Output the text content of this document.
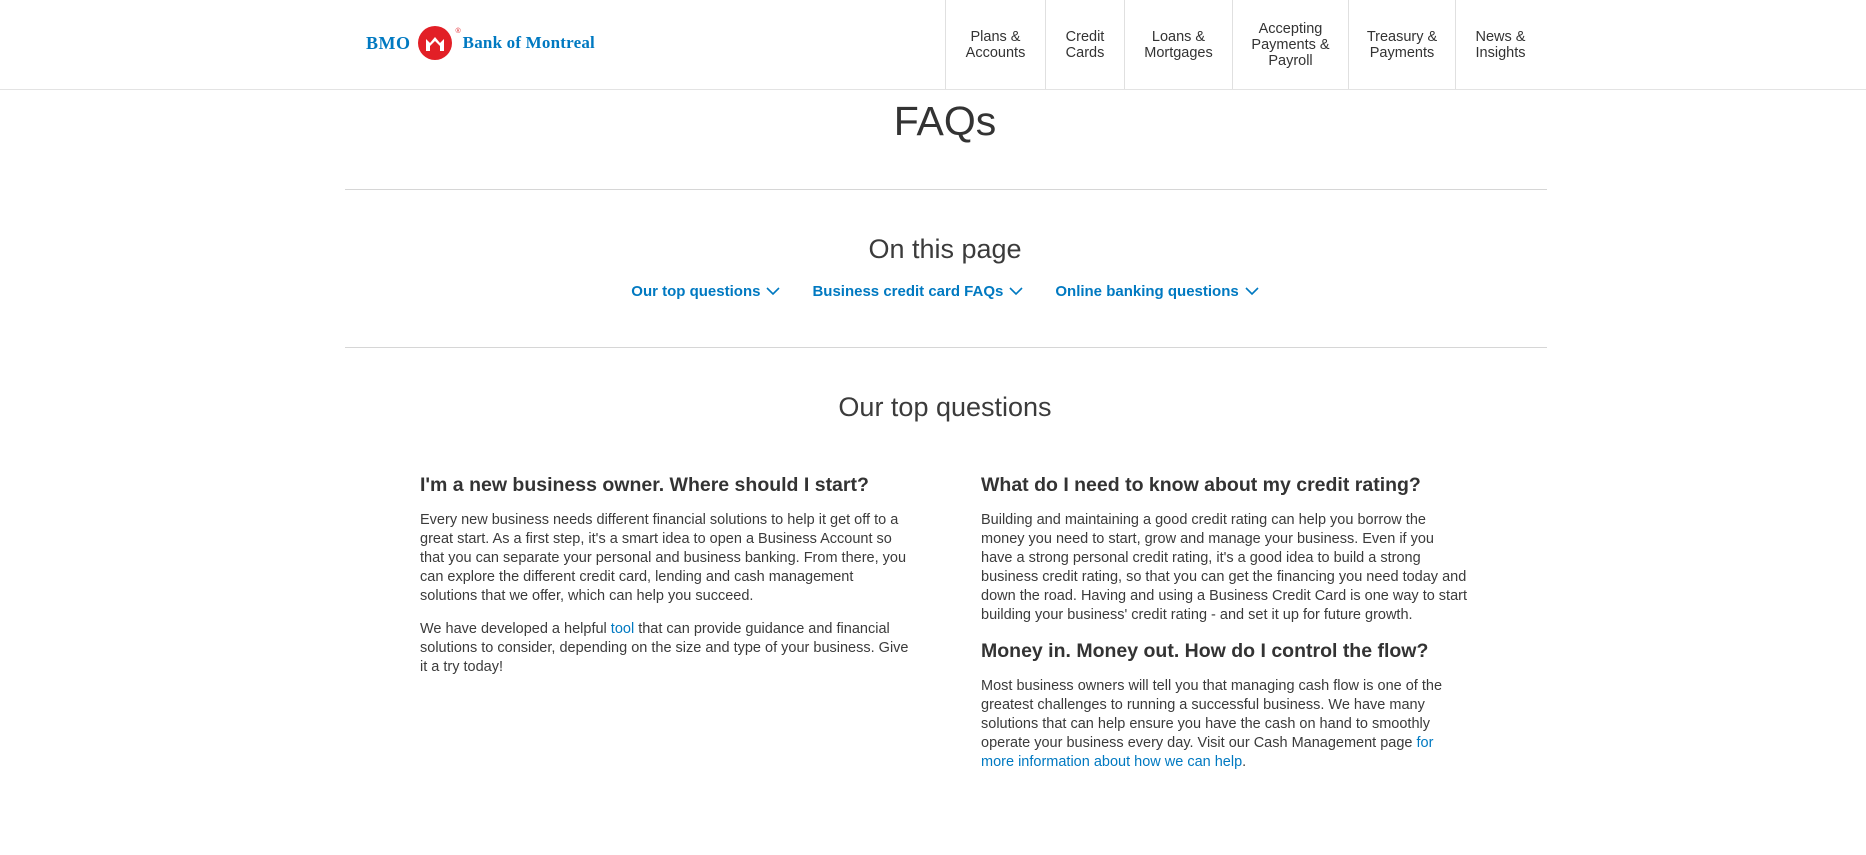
BMO
®
Bank of Montreal	Plans &
Accounts
Credit
Cards
Loans &
Mortgages
Accepting
Payments &
Payroll
Treasury &
Payments
News &
Insights
FAQs
On this page
Our top questions	Business credit card FAQs	Online banking questions
Our top questions
I'm a new business owner. Where should I start?

Every new business needs different financial solutions to help it get off to a great start. As a first step, it's a smart idea to open a Business Account so that you can separate your personal and business banking. From there, you can explore the different credit card, lending and cash management solutions that we offer, which can help you succeed.

We have developed a helpful tool that can provide guidance and financial solutions to consider, depending on the size and type of your business. Give it a try today!

What do I need to know about my credit rating?

Building and maintaining a good credit rating can help you borrow the money you need to start, grow and manage your business. Even if you have a strong personal credit rating, it's a good idea to build a strong business credit rating, so that you can get the financing you need today and down the road. Having and using a Business Credit Card is one way to start building your business' credit rating - and set it up for future growth.

Money in. Money out. How do I control the flow?

Most business owners will tell you that managing cash flow is one of the greatest challenges to running a successful business. We have many solutions that can help ensure you have the cash on hand to smoothly operate your business every day. Visit our Cash Management page for more information about how we can help.
